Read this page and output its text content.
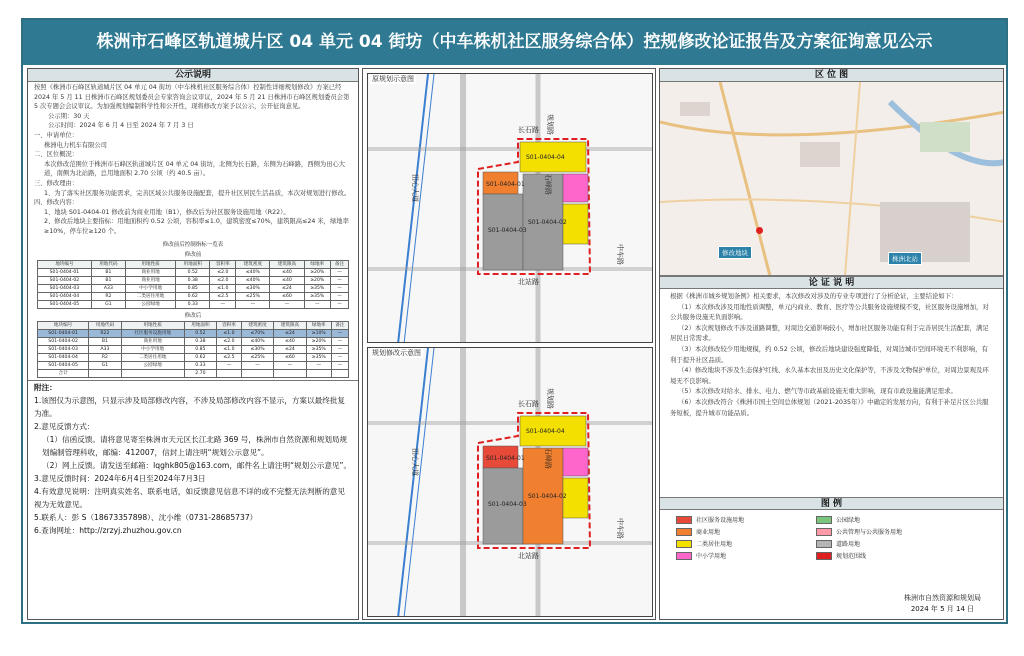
株洲市石峰区轨道城片区 04 单元 04 街坊（中车株机社区服务综合体）控规修改论证报告及方案征询意见公示
公示说明

按照《株洲市石峰区轨道城片区 04 单元 04 街坊（中车株机社区服务综合体）控制性详细规划修改》方案已经 2024 年 5 月 11 日株洲市石峰区规划委员会专家咨询会议审议，2024 年 5 月 21 日株洲市石峰区规划委员会第 5 次专题会会议审议。为加强规划编制科学性和公开性，现将修改方案予以公示，公开征询意见。

公示期：30 天

公示时间：2024 年 6 月 4 日至 2024 年 7 月 3 日

一、申请单位：

株洲电力机车有限公司

二、区位概况：

本次修改范围位于株洲市石峰区轨道城片区 04 单元 04 街坊，北侧为长石路，东侧为石峰路，西侧为田心大道，南侧为北站路，总用地面积 2.70 公顷（约 40.5 亩）。

三、修改理由：

1、为了落实社区服务功能需求，完善区域公共服务设施配套，提升社区居民生活品质，本次对规划进行修改。

四、修改内容：

1、地块 S01-0404-01 修改前为商业用地（B1），修改后为社区服务设施用地（R22）。

2、修改后地块主要指标：用地面积约 0.52 公顷，容积率≤1.0，建筑密度≤70%，建筑限高≤24 米，绿地率≥10%，停车位≥120 个。

修改前后控制指标一览表
修改前
地块编号	用地代码	用地性质	用地面积	容积率	建筑密度	建筑限高	绿地率	备注
S01-0404-01	B1	商业用地	0.52	≤2.0	≤40%	≤40	≥20%	—
S01-0404-02	B1	商业用地	0.38	≤2.0	≤40%	≤40	≥20%	—
S01-0404-03	A33	中小学用地	0.85	≤1.0	≤30%	≤24	≥35%	—
S01-0404-04	R2	二类居住用地	0.62	≤2.5	≤25%	≤60	≥35%	—
S01-0404-05	G1	公园绿地	0.33	—	—	—	—	—
修改后
地块编号	用地代码	用地性质	用地面积	容积率	建筑密度	建筑限高	绿地率	备注
S01-0404-01	R22	社区服务设施用地	0.52	≤1.0	≤70%	≤24	≥10%	—
S01-0404-02	B1	商业用地	0.38	≤2.0	≤40%	≤40	≥20%	—
S01-0404-03	A33	中小学用地	0.85	≤1.0	≤30%	≤24	≥35%	—
S01-0404-04	R2	二类居住用地	0.62	≤2.5	≤25%	≤60	≥35%	—
S01-0404-05	G1	公园绿地	0.33	—	—	—	—	—
合计			2.70					
附注：
1.该图仅为示意图，只显示涉及局部修改内容，不涉及局部修改内容不显示，方案以最终批复为准。
2.意见反馈方式：
（1）信函反馈。请将意见寄至株洲市天元区长江北路 369 号，株洲市自然资源和规划局规划编制管理科收，邮编：412007，信封上请注明“规划公示意见”。
（2）网上反馈。请发送至邮箱：lqghk805@163.com，邮件名上请注明“规划公示意见”。
3.意见反馈时间：2024年6月4日至2024年7月3日
4.有效意见说明：注明真实姓名、联系电话，如反馈意见信息不详的或不完整无法判断的意见视为无效意见。
5.联系人：彭 S（18673357898）、沈小维（0731-28685737）
6.查询网址：http://zrzyj.zhuzhou.gov.cn
S01-0404-01
S01-0404-04
S01-0404-03
S01-0404-02
长石路
田心大道	石峰路
北站路
中车路
规划路
原规划示意图
S01-0404-01
S01-0404-04
S01-0404-03
S01-0404-02
长石路
田心大道	石峰路
北站路
中车路
规划路
规划修改示意图
区 位 图
修改地块
株洲北站
论 证 说 明

根据《株洲市城乡规划条例》相关要求，本次修改对涉及的专业专项进行了分析论证，主要结论如下：

（1）本次修改涉及用地性质调整，单元内商业、教育、医疗等公共服务设施规模不变，社区服务设施增加，对公共服务设施无负面影响。

（2）本次规划修改不涉及道路调整，对周边交通影响较小，增加社区服务功能有利于完善居民生活配套，满足居民日常需求。

（3）本次修改较少用地规模，约 0.52 公顷，修改后地块建设强度降低，对周边城市空间环境无不利影响，有利于提升社区品质。

（4）修改地块不涉及生态保护红线、永久基本农田及历史文化保护等，不涉及文物保护单位，对周边景观及环境无不良影响。

（5）本次修改对给水、排水、电力、燃气等市政基础设施无重大影响，现有市政设施能满足需求。

（6）本次修改符合《株洲市国土空间总体规划（2021-2035年）》中确定的发展方向，有利于补足片区公共服务短板，提升城市功能品质。

图 例
社区服务设施用地
商业用地
二类居住用地
中小学用地
公园绿地
公共管理与公共服务用地
道路用地
规划范围线
株洲市自然资源和规划局
2024 年 5 月 14 日
